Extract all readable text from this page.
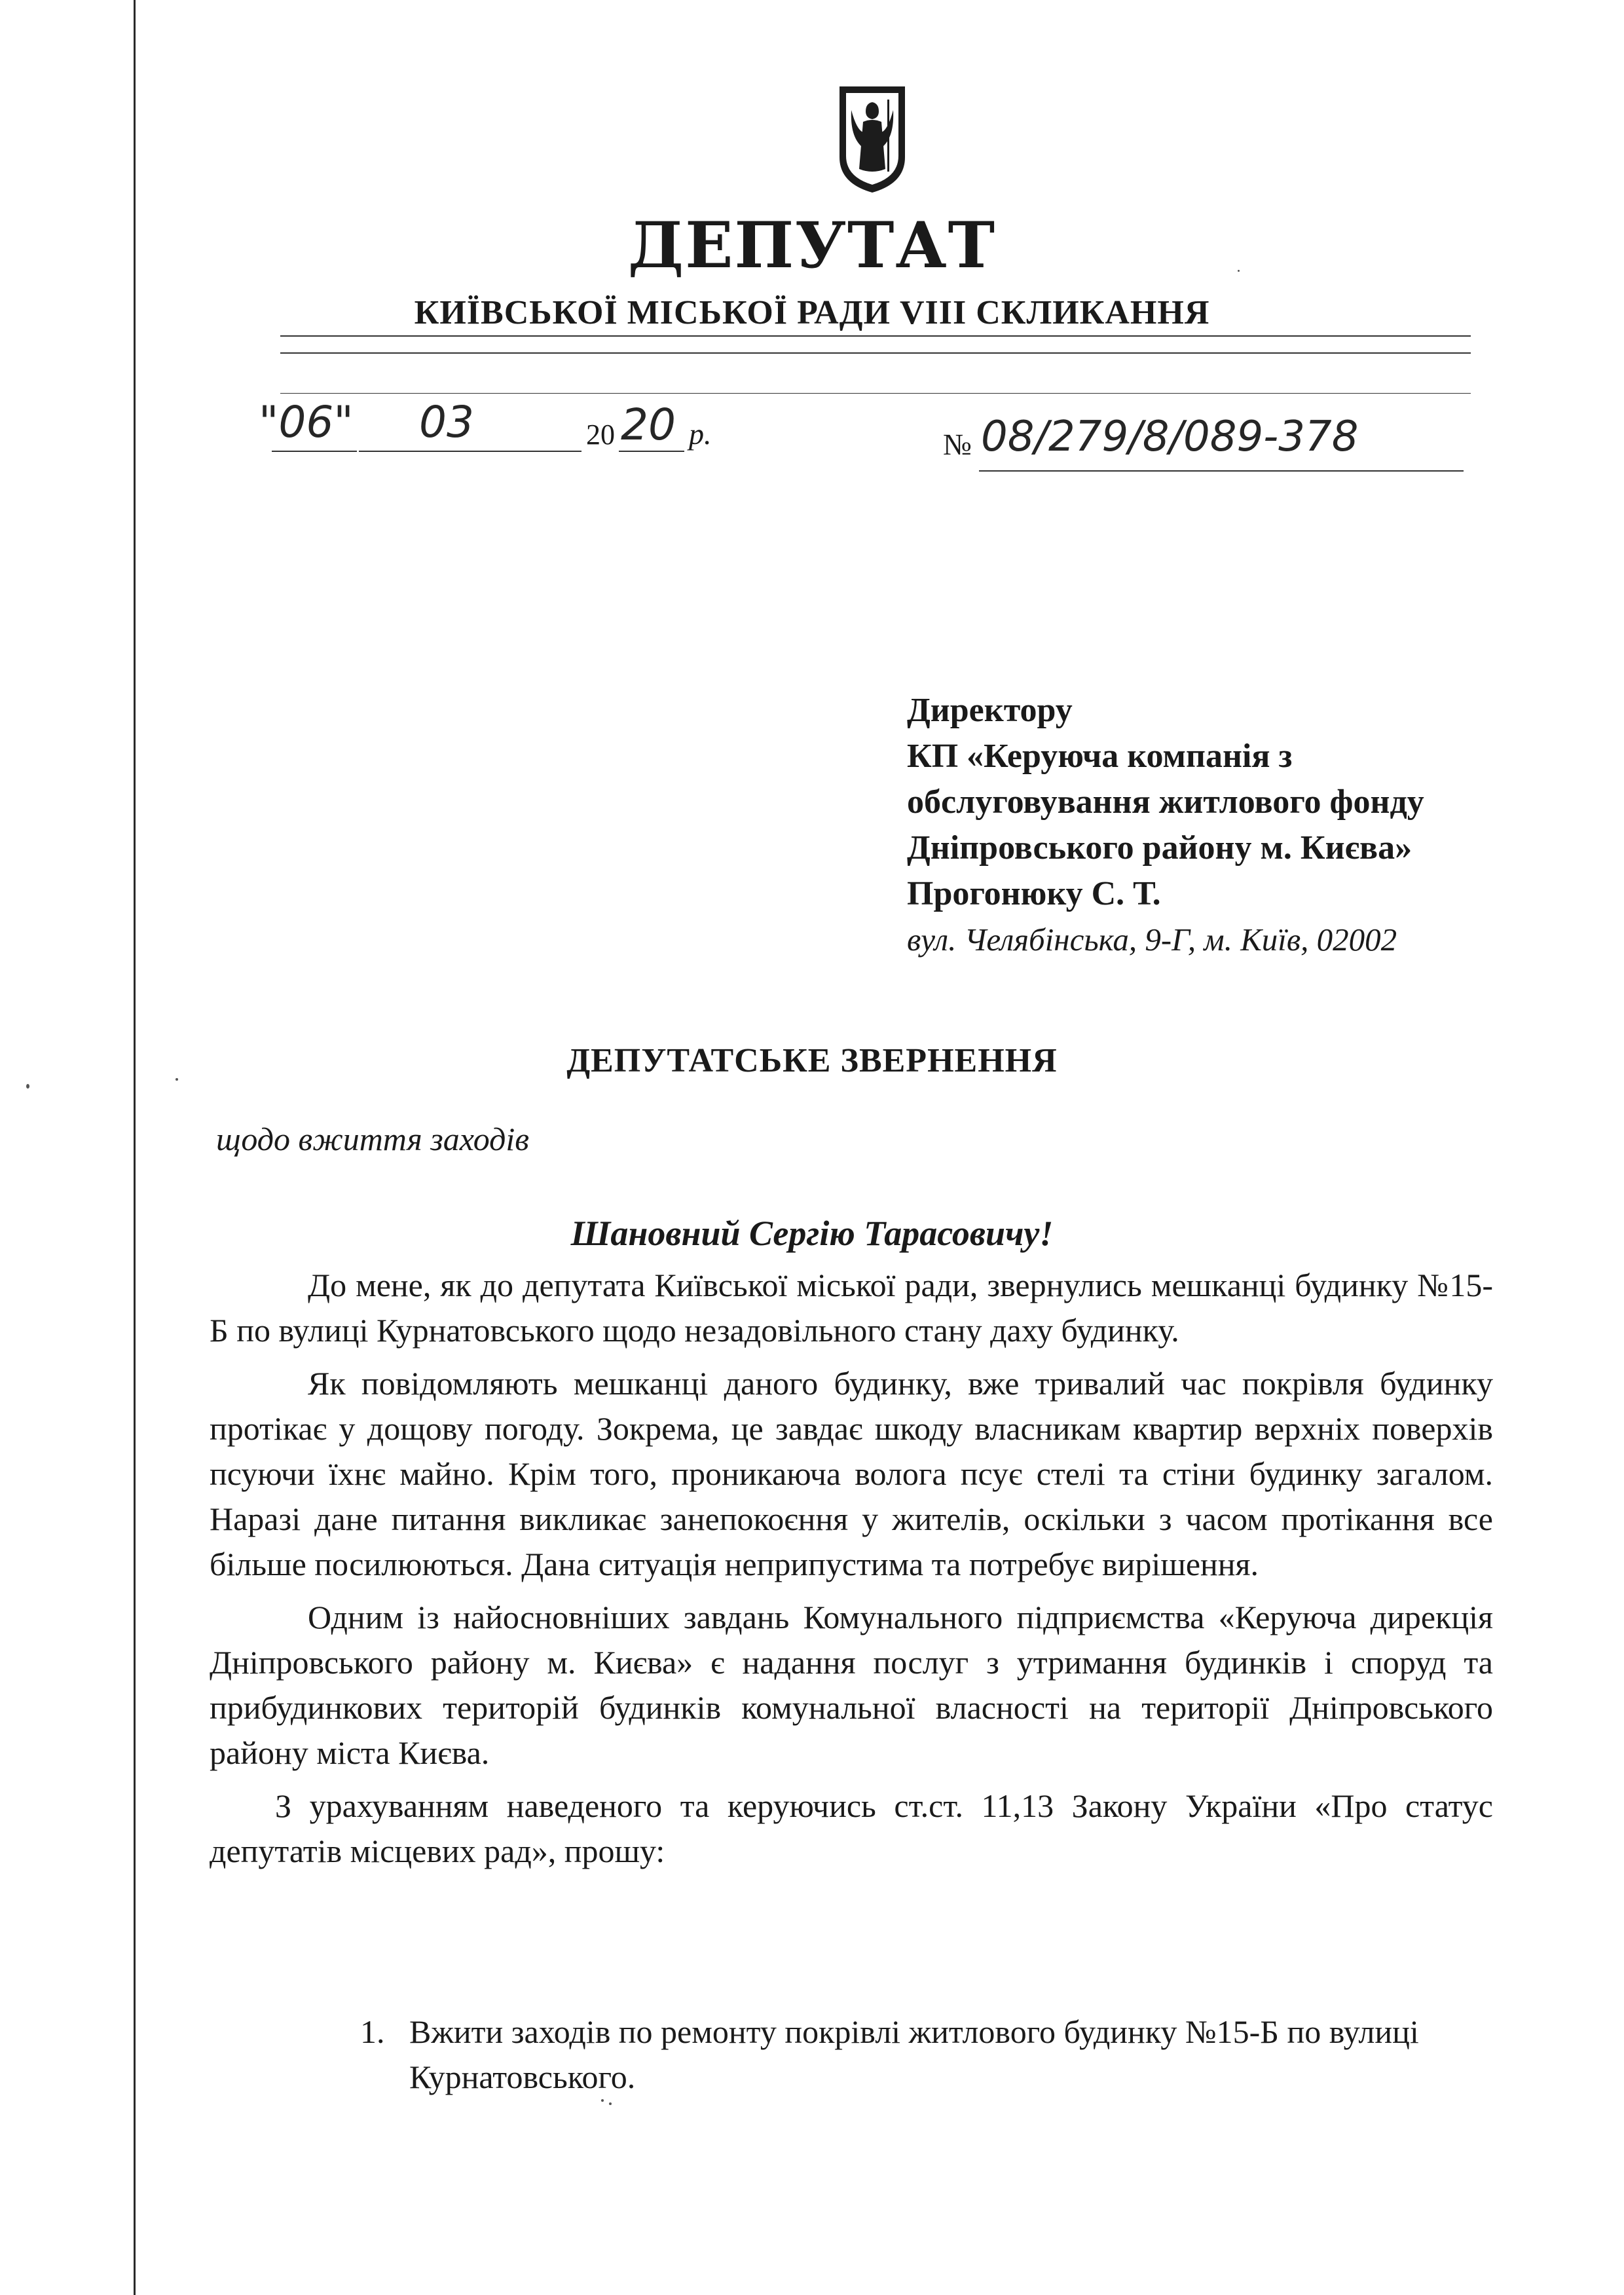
ДЕПУТАТ
КИЇВСЬКОЇ МІСЬКОЇ РАДИ VIII СКЛИКАННЯ
"06" 03	20 20 р.	№ 08/279/8/089-378
Директору
КП «Керуюча компанія з
обслуговування житлового фонду
Дніпровського району м. Києва»
Прогонюку С. Т.
вул. Челябінська, 9-Г, м. Київ, 02002
ДЕПУТАТСЬКЕ ЗВЕРНЕННЯ
щодо вжиття заходів
Шановний Сергію Тарасовичу!

До мене, як до депутата Київської міської ради, звернулись мешканці будинку №15-Б по вулиці Курнатовського щодо незадовільного стану даху будинку.

Як повідомляють мешканці даного будинку, вже тривалий час покрівля будинку протікає у дощову погоду. Зокрема, це завдає шкоду власникам квартир верхніх поверхів псуючи їхнє майно. Крім того, проникаюча волога псує стелі та стіни будинку загалом. Наразі дане питання викликає занепокоєння у жителів, оскільки з часом протікання все більше посилюються. Дана ситуація неприпустима та потребує вирішення.

Одним із найосновніших завдань Комунального підприємства «Керуюча дирекція Дніпровського району м. Києва» є надання послуг з утримання будинків і споруд та прибудинкових територій будинків комунальної власності на території Дніпровського району міста Києва.

З урахуванням наведеного та керуючись ст.ст. 11,13 Закону України «Про статус депутатів місцевих рад», прошу:

1. Вжити заходів по ремонту покрівлі житлового будинку №15-Б по вулиці Курнатовського.
